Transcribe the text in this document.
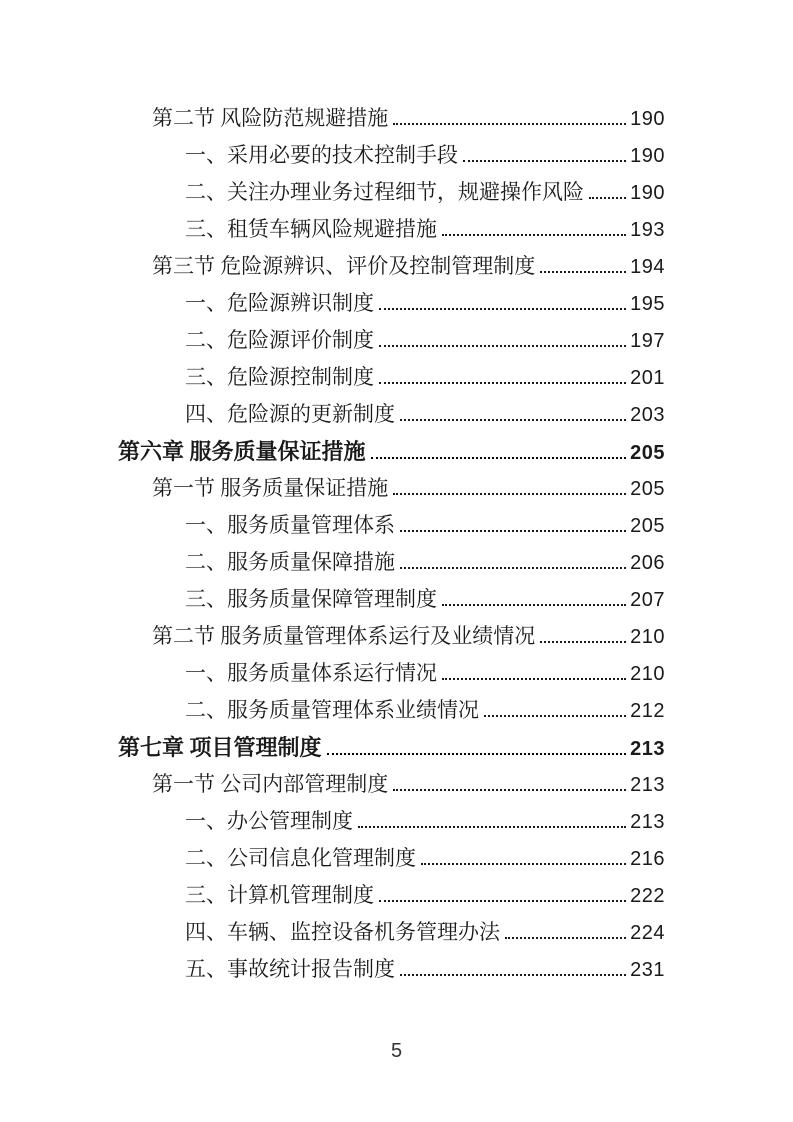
第二节 风险防范规避措施	190
一、采用必要的技术控制手段	190
二、关注办理业务过程细节，规避操作风险 190
三、租赁车辆风险规避措施	193
第三节 危险源辨识、评价及控制管理制度	194
一、危险源辨识制度	195
二、危险源评价制度	197
三、危险源控制制度	201
四、危险源的更新制度	203
第六章 服务质量保证措施	205
第一节 服务质量保证措施	205
一、服务质量管理体系	205
二、服务质量保障措施	206
三、服务质量保障管理制度	207
第二节 服务质量管理体系运行及业绩情况	210
一、服务质量体系运行情况	210
二、服务质量管理体系业绩情况	212
第七章 项目管理制度	213
第一节 公司内部管理制度	213
一、办公管理制度	213
二、公司信息化管理制度	216
三、计算机管理制度	222
四、车辆、监控设备机务管理办法	224
五、事故统计报告制度	231
5
